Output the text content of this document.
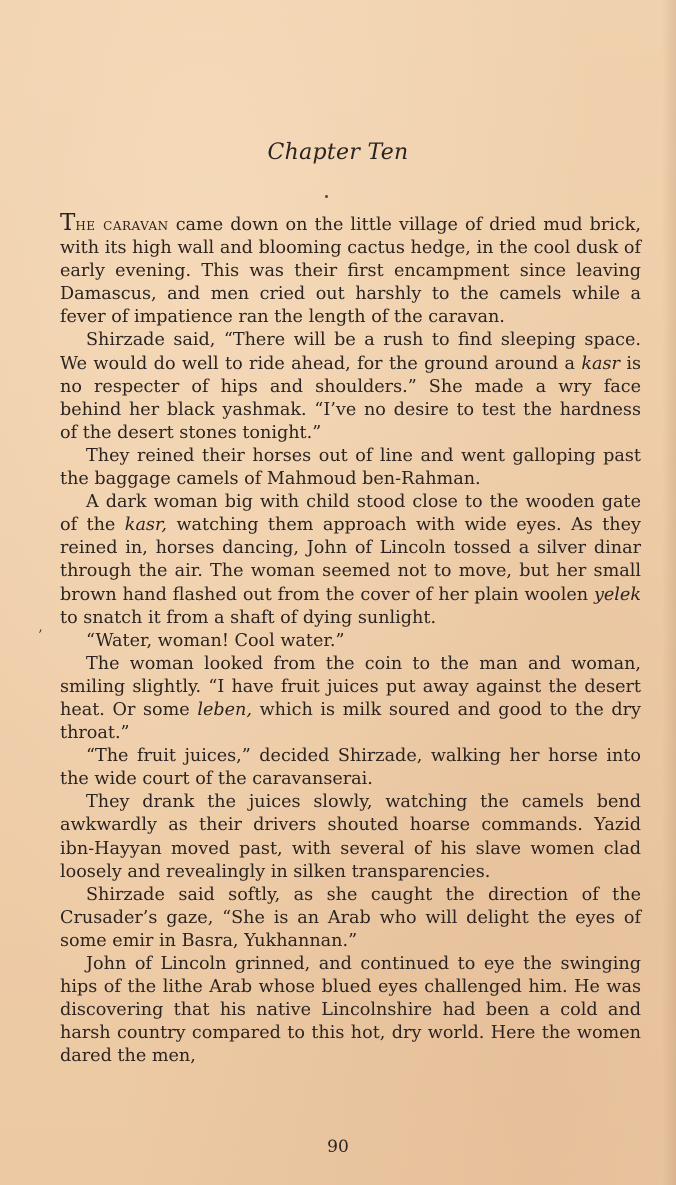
Chapter Ten
’

The caravan came down on the little village of dried mud brick, with its high wall and blooming cactus hedge, in the cool dusk of early evening. This was their first encampment since leaving Damascus, and men cried out harshly to the camels while a fever of impatience ran the length of the caravan.

Shirzade said, “There will be a rush to find sleeping space. We would do well to ride ahead, for the ground around a kasr is no respecter of hips and shoulders.” She made a wry face behind her black yashmak. “I’ve no desire to test the hardness of the desert stones tonight.”

They reined their horses out of line and went galloping past the baggage camels of Mahmoud ben-Rahman.

A dark woman big with child stood close to the wooden gate of the kasr, watching them approach with wide eyes. As they reined in, horses dancing, John of Lincoln tossed a silver dinar through the air. The woman seemed not to move, but her small brown hand flashed out from the cover of her plain woolen yelek to snatch it from a shaft of dying sunlight.

“Water, woman! Cool water.”

The woman looked from the coin to the man and woman, smiling slightly. “I have fruit juices put away against the desert heat. Or some leben, which is milk soured and good to the dry throat.”

“The fruit juices,” decided Shirzade, walking her horse into the wide court of the caravanserai.

They drank the juices slowly, watching the camels bend awkwardly as their drivers shouted hoarse commands. Yazid ibn-Hayyan moved past, with several of his slave women clad loosely and revealingly in silken transparencies.

Shirzade said softly, as she caught the direction of the Crusader’s gaze, “She is an Arab who will delight the eyes of some emir in Basra, Yukhannan.”

John of Lincoln grinned, and continued to eye the swinging hips of the lithe Arab whose blued eyes challenged him. He was discovering that his native Lincolnshire had been a cold and harsh country compared to this hot, dry world. Here the women dared the men,

90
